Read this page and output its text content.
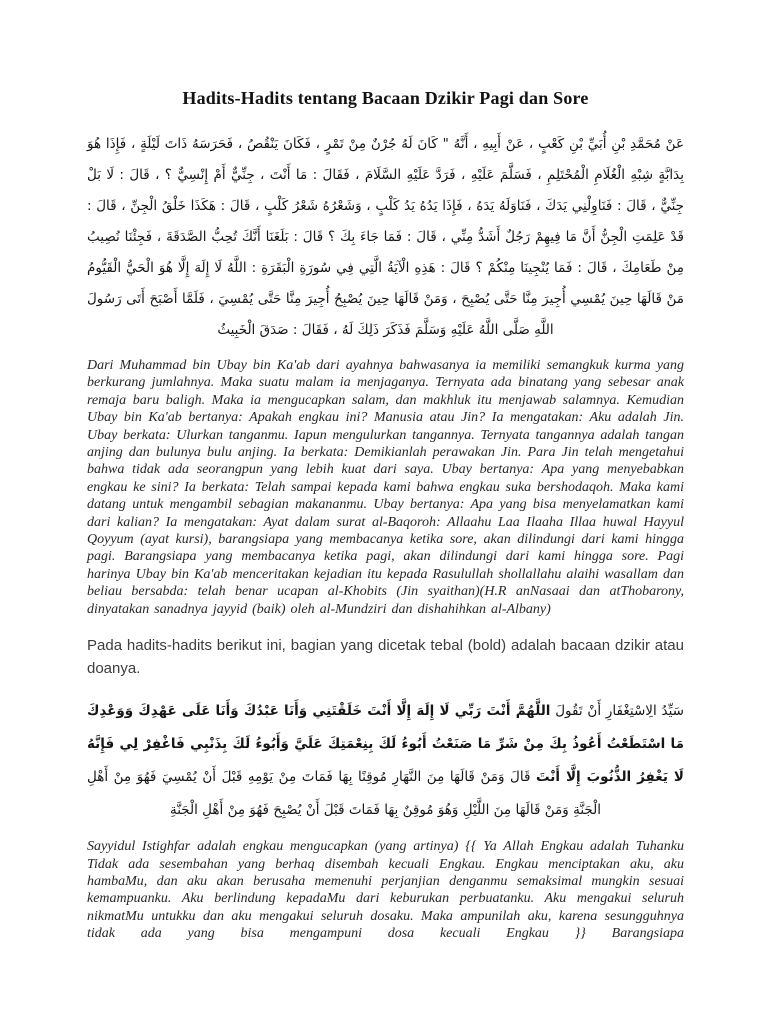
Hadits-Hadits tentang Bacaan Dzikir Pagi dan Sore
عَنْ مُحَمَّدِ بْنِ أُبَيِّ بْنِ كَعْبٍ ، عَنْ أَبِيهِ ، أَنَّهُ " كَانَ لَهُ جُرْنٌ مِنْ تَمْرٍ ، فَكَانَ يَنْقُصُ ، فَحَرَسَهُ ذَاتَ لَيْلَةٍ ، فَإِذَا هُوَ بِدَابَّةٍ شِبْهِ الْغُلَامِ الْمُحْتَلِمِ ، فَسَلَّمَ عَلَيْهِ ، فَرَدَّ عَلَيْهِ السَّلَامَ ، فَقَالَ : مَا أَنْتَ ، جِنِّيٌّ أَمْ إِنْسِيٌّ ؟ ، قَالَ : لَا بَلْ جِنِّيٌّ ، قَالَ : فَنَاوِلْنِي يَدَكَ ، فَنَاوَلَهُ يَدَهُ ، فَإِذَا يَدُهُ يَدُ كَلْبٍ ، وَشَعْرُهُ شَعْرُ كَلْبٍ ، قَالَ : هَكَذَا خَلْقُ الْجِنِّ ، قَالَ : قَدْ عَلِمَتِ الْجِنُّ أَنَّ مَا فِيهِمْ رَجُلٌ أَشَدُّ مِنِّي ، قَالَ : فَمَا جَاءَ بِكَ ؟ قَالَ : بَلَغَنَا أَنَّكَ تُحِبُّ الصَّدَقَةَ ، فَجِئْنَا نُصِيبُ مِنْ طَعَامِكَ ، قَالَ : فَمَا يُنْجِينَا مِنْكُمْ ؟ قَالَ : هَذِهِ الْآيَةُ الَّتِي فِي سُورَةِ الْبَقَرَةِ : اللَّهُ لَا إِلَهَ إِلَّا هُوَ الْحَيُّ الْقَيُّومُ مَنْ قَالَهَا حِينَ يُمْسِي أُجِيرَ مِنَّا حَتَّى يُصْبِحَ ، وَمَنْ قَالَهَا حِينَ يُصْبِحُ أُجِيرَ مِنَّا حَتَّى يُمْسِيَ ، فَلَمَّا أَصْبَحَ أَتَى رَسُولَ اللَّهِ صَلَّى اللَّهُ عَلَيْهِ وَسَلَّمَ فَذَكَرَ ذَلِكَ لَهُ ، فَقَالَ : صَدَقَ الْخَبِيثُ

Dari Muhammad bin Ubay bin Ka'ab dari ayahnya bahwasanya ia memiliki semangkuk kurma yang berkurang jumlahnya. Maka suatu malam ia menjaganya. Ternyata ada binatang yang sebesar anak remaja baru baligh. Maka ia mengucapkan salam, dan makhluk itu menjawab salamnya. Kemudian Ubay bin Ka'ab bertanya: Apakah engkau ini? Manusia atau Jin? Ia mengatakan: Aku adalah Jin. Ubay berkata: Ulurkan tanganmu. Iapun mengulurkan tangannya. Ternyata tangannya adalah tangan anjing dan bulunya bulu anjing. Ia berkata: Demikianlah perawakan Jin. Para Jin telah mengetahui bahwa tidak ada seorangpun yang lebih kuat dari saya. Ubay bertanya: Apa yang menyebabkan engkau ke sini? Ia berkata: Telah sampai kepada kami bahwa engkau suka bershodaqoh. Maka kami datang untuk mengambil sebagian makananmu. Ubay bertanya: Apa yang bisa menyelamatkan kami dari kalian? Ia mengatakan: Ayat dalam surat al-Baqoroh: Allaahu Laa Ilaaha Illaa huwal Hayyul Qoyyum (ayat kursi), barangsiapa yang membacanya ketika sore, akan dilindungi dari kami hingga pagi. Barangsiapa yang membacanya ketika pagi, akan dilindungi dari kami hingga sore. Pagi harinya Ubay bin Ka'ab menceritakan kejadian itu kepada Rasulullah shollallahu alaihi wasallam dan beliau bersabda: telah benar ucapan al-Khobits (Jin syaithan)(H.R anNasaai dan atThobarony, dinyatakan sanadnya jayyid (baik) oleh al-Mundziri dan dishahihkan al-Albany)

Pada hadits-hadits berikut ini, bagian yang dicetak tebal (bold) adalah bacaan dzikir atau doanya.

سَيِّدُ الِاسْتِغْفَارِ أَنْ تَقُولَ اللَّهُمَّ أَنْتَ رَبِّي لَا إِلَهَ إِلَّا أَنْتَ خَلَقْتَنِي وَأَنَا عَبْدُكَ وَأَنَا عَلَى عَهْدِكَ وَوَعْدِكَ مَا اسْتَطَعْتُ أَعُوذُ بِكَ مِنْ شَرِّ مَا صَنَعْتُ أَبُوءُ لَكَ بِنِعْمَتِكَ عَلَيَّ وَأَبُوءُ لَكَ بِذَنْبِي فَاغْفِرْ لِي فَإِنَّهُ لَا يَغْفِرُ الذُّنُوبَ إِلَّا أَنْتَ قَالَ وَمَنْ قَالَهَا مِنَ النَّهَارِ مُوقِنًا بِهَا فَمَاتَ مِنْ يَوْمِهِ قَبْلَ أَنْ يُمْسِيَ فَهُوَ مِنْ أَهْلِ الْجَنَّةِ وَمَنْ قَالَهَا مِنَ اللَّيْلِ وَهُوَ مُوقِنٌ بِهَا فَمَاتَ قَبْلَ أَنْ يُصْبِحَ فَهُوَ مِنْ أَهْلِ الْجَنَّةِ

Sayyidul Istighfar adalah engkau mengucapkan (yang artinya) {{ Ya Allah Engkau adalah Tuhanku Tidak ada sesembahan yang berhaq disembah kecuali Engkau. Engkau menciptakan aku, aku hambaMu, dan aku akan berusaha memenuhi perjanjian denganmu semaksimal mungkin sesuai kemampuanku. Aku berlindung kepadaMu dari keburukan perbuatanku. Aku mengakui seluruh nikmatMu untukku dan aku mengakui seluruh dosaku. Maka ampunilah aku, karena sesungguhnya tidak ada yang bisa mengampuni dosa kecuali Engkau }} Barangsiapa
